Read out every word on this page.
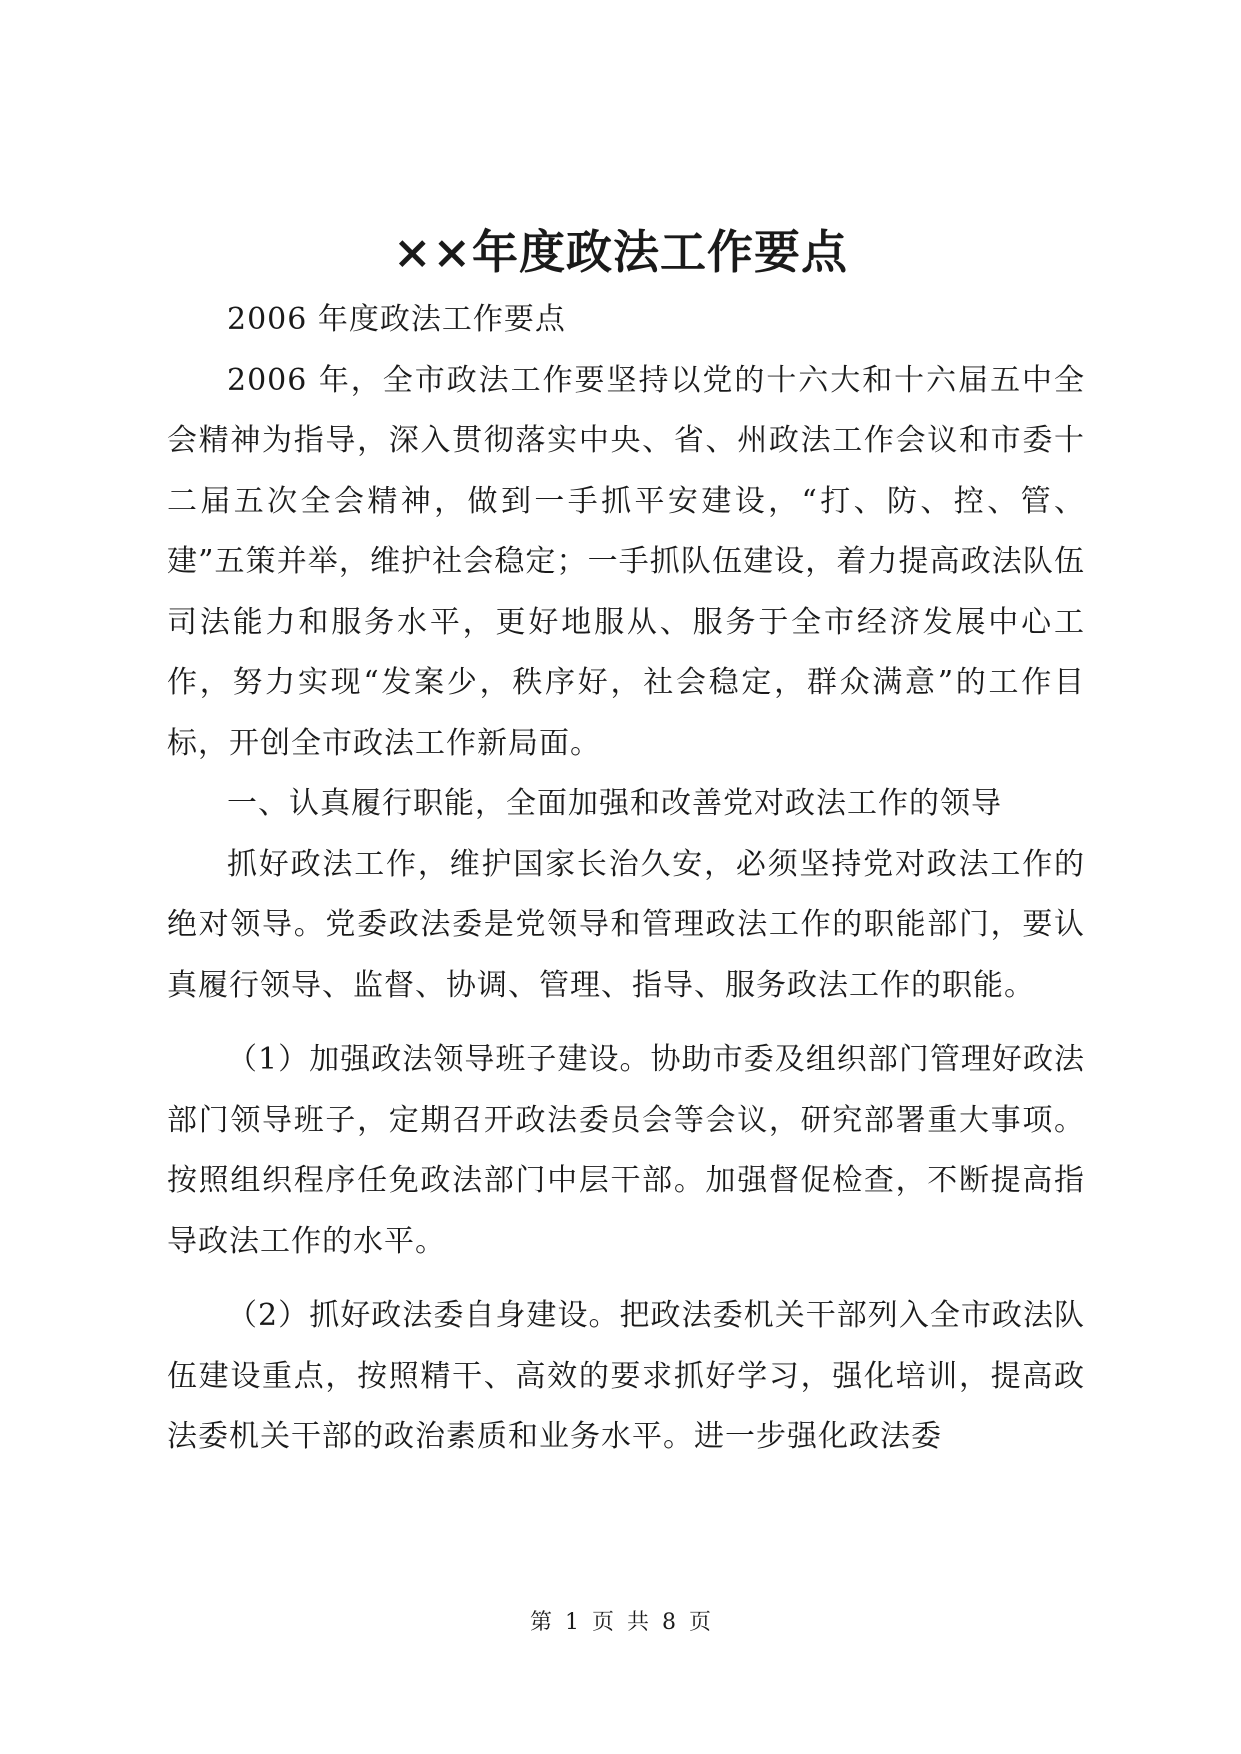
××年度政法工作要点

2006 年度政法工作要点

2006 年，全市政法工作要坚持以党的十六大和十六届五中全会精神为指导，深入贯彻落实中央、省、州政法工作会议和市委十二届五次全会精神，做到一手抓平安建设，“打、防、控、管、建”五策并举，维护社会稳定；一手抓队伍建设，着力提高政法队伍司法能力和服务水平，更好地服从、服务于全市经济发展中心工作，努力实现“发案少，秩序好，社会稳定，群众满意”的工作目标，开创全市政法工作新局面。

一、认真履行职能，全面加强和改善党对政法工作的领导

抓好政法工作，维护国家长治久安，必须坚持党对政法工作的绝对领导。党委政法委是党领导和管理政法工作的职能部门，要认真履行领导、监督、协调、管理、指导、服务政法工作的职能。

（1）加强政法领导班子建设。协助市委及组织部门管理好政法部门领导班子，定期召开政法委员会等会议，研究部署重大事项。按照组织程序任免政法部门中层干部。加强督促检查，不断提高指导政法工作的水平。

（2）抓好政法委自身建设。把政法委机关干部列入全市政法队伍建设重点，按照精干、高效的要求抓好学习，强化培训，提高政法委机关干部的政治素质和业务水平。进一步强化政法委

第 1 页 共 8 页
